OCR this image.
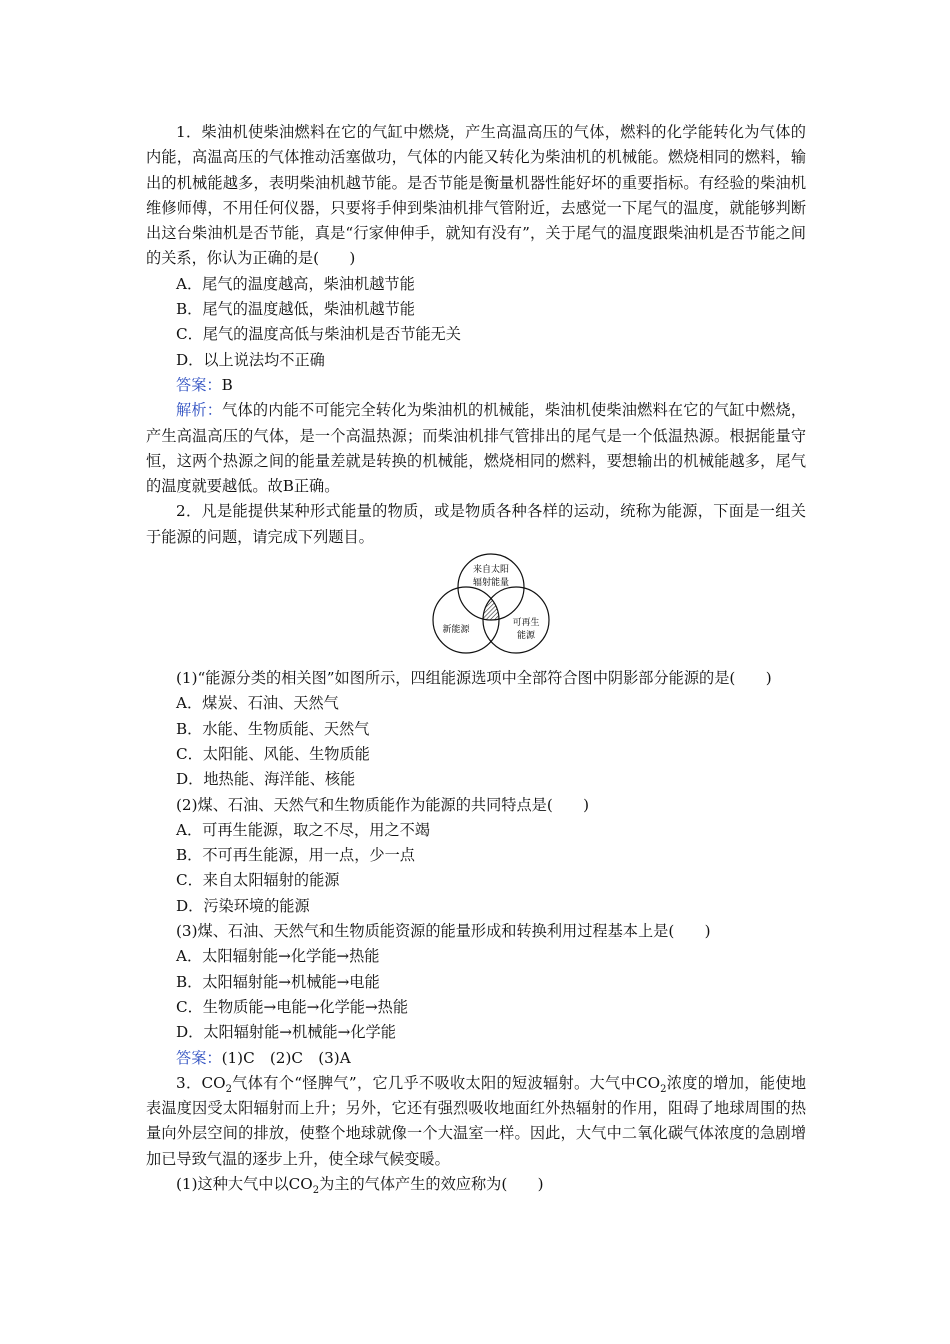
1．柴油机使柴油燃料在它的气缸中燃烧，产生高温高压的气体，燃料的化学能转化为气体的内能，高温高压的气体推动活塞做功，气体的内能又转化为柴油机的机械能。燃烧相同的燃料，输出的机械能越多，表明柴油机越节能。是否节能是衡量机器性能好坏的重要指标。有经验的柴油机维修师傅，不用任何仪器，只要将手伸到柴油机排气管附近，去感觉一下尾气的温度，就能够判断出这台柴油机是否节能，真是“行家伸伸手，就知有没有”，关于尾气的温度跟柴油机是否节能之间的关系，你认为正确的是(　　)

A．尾气的温度越高，柴油机越节能

B．尾气的温度越低，柴油机越节能

C．尾气的温度高低与柴油机是否节能无关

D．以上说法均不正确

答案：B

解析：气体的内能不可能完全转化为柴油机的机械能，柴油机使柴油燃料在它的气缸中燃烧，产生高温高压的气体，是一个高温热源；而柴油机排气管排出的尾气是一个低温热源。根据能量守恒，这两个热源之间的能量差就是转换的机械能，燃烧相同的燃料，要想输出的机械能越多，尾气的温度就要越低。故B正确。

2．凡是能提供某种形式能量的物质，或是物质各种各样的运动，统称为能源，下面是一组关于能源的问题，请完成下列题目。

来自太阳
辐射能量
新能源
可再生
能源

(1)“能源分类的相关图”如图所示，四组能源选项中全部符合图中阴影部分能源的是(　　)

A．煤炭、石油、天然气

B．水能、生物质能、天然气

C．太阳能、风能、生物质能

D．地热能、海洋能、核能

(2)煤、石油、天然气和生物质能作为能源的共同特点是(　　)

A．可再生能源，取之不尽，用之不竭

B．不可再生能源，用一点，少一点

C．来自太阳辐射的能源

D．污染环境的能源

(3)煤、石油、天然气和生物质能资源的能量形成和转换利用过程基本上是(　　)

A．太阳辐射能→化学能→热能

B．太阳辐射能→机械能→电能

C．生物质能→电能→化学能→热能

D．太阳辐射能→机械能→化学能

答案：(1)C　(2)C　(3)A

3．$CO_2$气体有个“怪脾气”，它几乎不吸收太阳的短波辐射。大气中$CO_2$浓度的增加，能使地表温度因受太阳辐射而上升；另外，它还有强烈吸收地面红外热辐射的作用，阻碍了地球周围的热量向外层空间的排放，使整个地球就像一个大温室一样。因此，大气中二氧化碳气体浓度的急剧增加已导致气温的逐步上升，使全球气候变暖。

(1)这种大气中以$CO_2$为主的气体产生的效应称为(　　)
